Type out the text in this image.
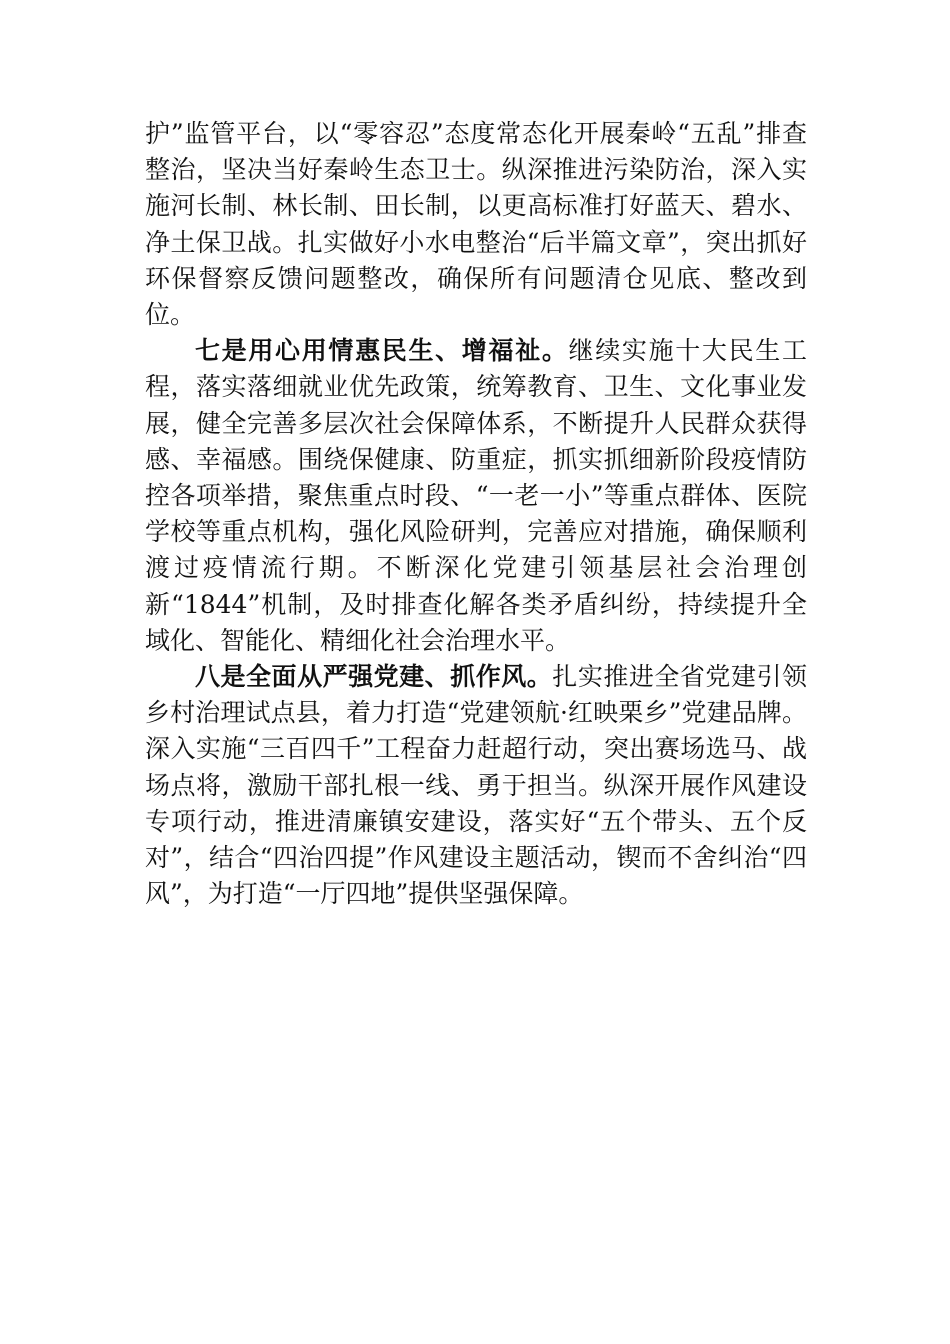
护”监管平台，以“零容忍”态度常态化开展秦岭“五乱”排查整治，坚决当好秦岭生态卫士。纵深推进污染防治，深入实施河长制、林长制、田长制，以更高标准打好蓝天、碧水、净土保卫战。扎实做好小水电整治“后半篇文章”，突出抓好环保督察反馈问题整改，确保所有问题清仓见底、整改到位。

七是用心用情惠民生、增福祉。继续实施十大民生工程，落实落细就业优先政策，统筹教育、卫生、文化事业发展，健全完善多层次社会保障体系，不断提升人民群众获得感、幸福感。围绕保健康、防重症，抓实抓细新阶段疫情防控各项举措，聚焦重点时段、“一老一小”等重点群体、医院学校等重点机构，强化风险研判，完善应对措施，确保顺利渡过疫情流行期。不断深化党建引领基层社会治理创新“1844”机制，及时排查化解各类矛盾纠纷，持续提升全域化、智能化、精细化社会治理水平。

八是全面从严强党建、抓作风。扎实推进全省党建引领乡村治理试点县，着力打造“党建领航·红映栗乡”党建品牌。深入实施“三百四千”工程奋力赶超行动，突出赛场选马、战场点将，激励干部扎根一线、勇于担当。纵深开展作风建设专项行动，推进清廉镇安建设，落实好“五个带头、五个反对”，结合“四治四提”作风建设主题活动，锲而不舍纠治“四风”，为打造“一厅四地”提供坚强保障。
